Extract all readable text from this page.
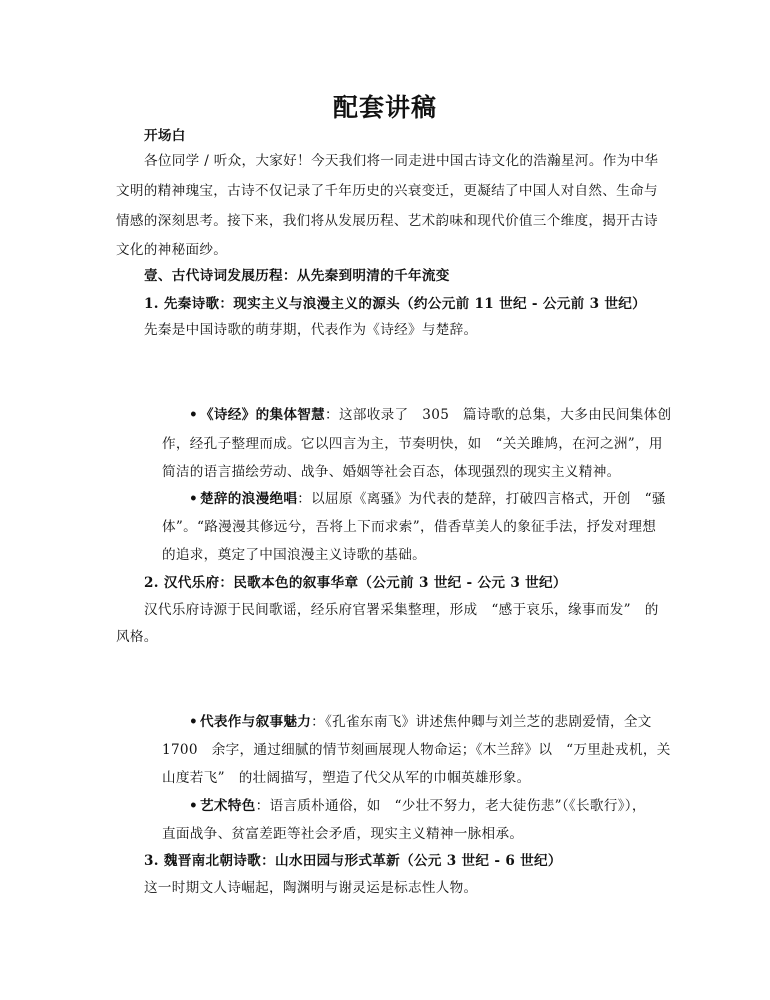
配套讲稿
开场白
各位同学 / 听众，大家好！今天我们将一同走进中国古诗文化的浩瀚星河。作为中华
文明的精神瑰宝，古诗不仅记录了千年历史的兴衰变迁，更凝结了中国人对自然、生命与
情感的深刻思考。接下来，我们将从发展历程、艺术韵味和现代价值三个维度，揭开古诗
文化的神秘面纱。
壹、古代诗词发展历程：从先秦到明清的千年流变
1. 先秦诗歌：现实主义与浪漫主义的源头（约公元前 11 世纪 - 公元前 3 世纪）
先秦是中国诗歌的萌芽期，代表作为《诗经》与楚辞。
• 《诗经》的集体智慧：这部收录了　305　篇诗歌的总集，大多由民间集体创
作，经孔子整理而成。它以四言为主，节奏明快，如　“关关雎鸠，在河之洲”，用
简洁的语言描绘劳动、战争、婚姻等社会百态，体现强烈的现实主义精神。
• 楚辞的浪漫绝唱：以屈原《离骚》为代表的楚辞，打破四言格式，开创　“骚
体”。“路漫漫其修远兮，吾将上下而求索”，借香草美人的象征手法，抒发对理想
的追求，奠定了中国浪漫主义诗歌的基础。
2. 汉代乐府：民歌本色的叙事华章（公元前 3 世纪 - 公元 3 世纪）
汉代乐府诗源于民间歌谣，经乐府官署采集整理，形成　“感于哀乐，缘事而发”　的
风格。
• 代表作与叙事魅力：《孔雀东南飞》讲述焦仲卿与刘兰芝的悲剧爱情，全文
1700　余字，通过细腻的情节刻画展现人物命运；《木兰辞》以　“万里赴戎机，关
山度若飞”　的壮阔描写，塑造了代父从军的巾帼英雄形象。
• 艺术特色：语言质朴通俗，如　“少壮不努力，老大徒伤悲”（《长歌行》），
直面战争、贫富差距等社会矛盾，现实主义精神一脉相承。
3. 魏晋南北朝诗歌：山水田园与形式革新（公元 3 世纪 - 6 世纪）
这一时期文人诗崛起，陶渊明与谢灵运是标志性人物。
